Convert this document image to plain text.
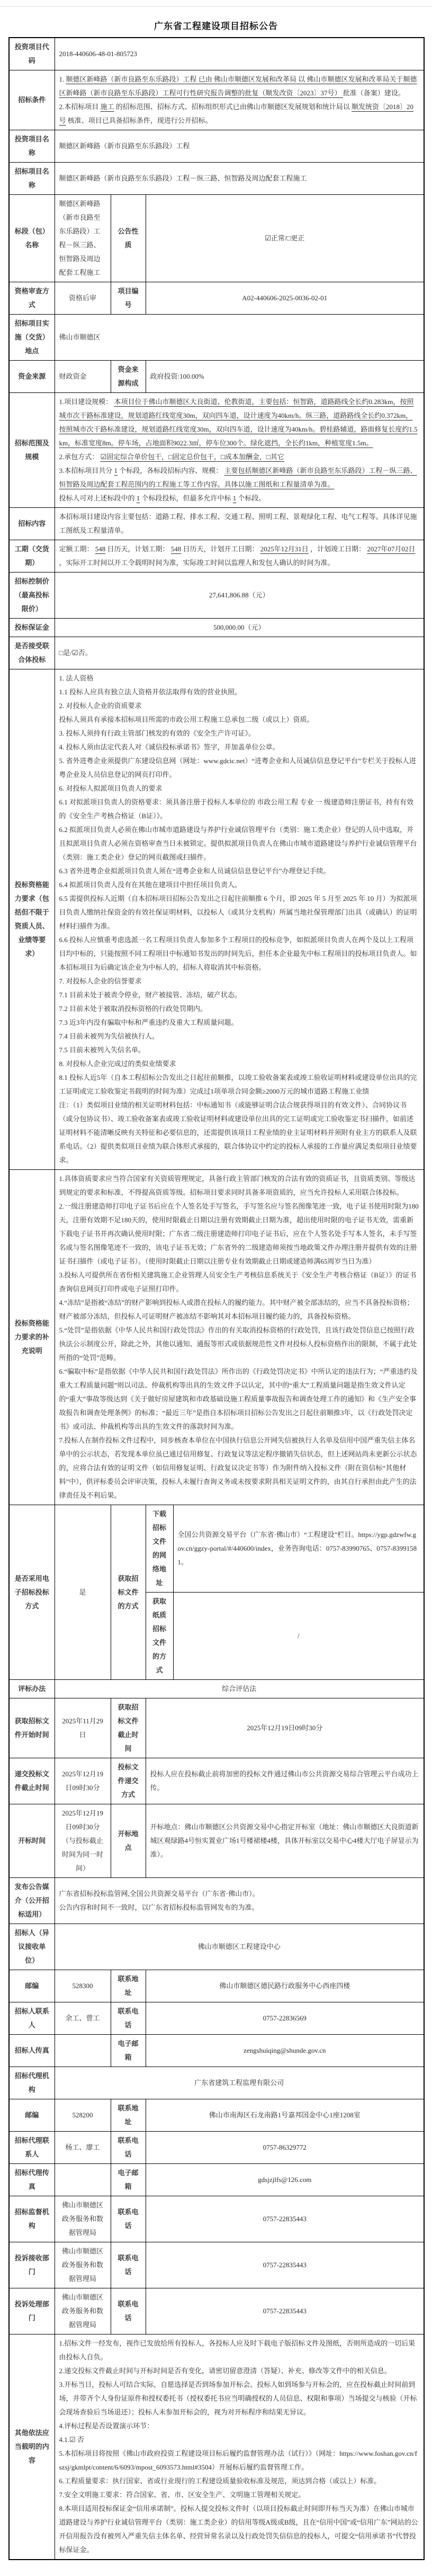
广东省工程建设项目招标公告
投资项目代码	2018-440606-48-01-805723			
招标条件	1. 顺德区新峰路（新市良路至东乐路段）工程 已由 佛山市顺德区发展和改革局 以 佛山市顺德区发展和改革局关于顺德区新峰路（新市良路至东乐路段）工程可行性研究报告调整的批复（顺发改资〔2023〕37号） 批准（备案）建设。
2.本招标项目 施工 的招标范围、招标方式、招标组织形式已由佛山市顺德区发展规划和统计局以 顺发统资〔2018〕20号 核准、项目已具备招标条件，现进行公开招标。			

投资项目名称	顺德区新峰路（新市良路至东乐路段）工程			
招标项目名称	顺德区新峰路（新市良路至东乐路段）工程－纵三路、恒智路及周边配套工程施工			
标段（包）名称	顺德区新峰路（新市良路至东乐路段）工程－纵三路、恒智路及周边配套工程施工	公告性质	☑正常/□更正	
资格审查方式	资格后审	项目编号	A02-440606-2025-0036-02-01	
招标项目实施（交货）地点	佛山市顺德区			
资金来源	财政资金	资金来源构成	政府投资:100.00%	
招标范围及规模	1.项目建设规模： 本项目位于佛山市顺德区大良街道、伦教街道，主要包括：恒智路，道路路线全长约0.283km，按照城市次干路标准建设，规划道路红线宽度30m，双向四车道，设计速度为40km/h。纵三路，道路路线全长约0.372km，按照城市次干路标准建设，规划道路红线宽度30m，双向四车道，设计速度为40km/h。碧桂路辅道，路面修复长度约1.5km，标准宽度8m。停车场，占地面积9022.3㎡，停车位300个。绿化遮挡，全长约1km，种植宽度1.5m。
2.承包方式： ☑固定综合单价包干，□固定总价包干，□成本加酬金，□其它
3.本招标项目共分 1 个标段，各标段招标内容、规模： 主要包括顺德区新峰路（新市良路至东乐路段）工程－纵三路、恒智路及周边配套工程范围内的工程施工等工作内容。具体以施工图纸和工程量清单为准。
投标人可对上述标段中的 1 个标段投标，但最多允许中标 1 个标段。			

招标内容	本招标项目建设内容主要包括：道路工程、排水工程、交通工程、照明工程、景观绿化工程、电气工程等。具体详见施工图纸及工程量清单。			

工期（交货期）	定额工期： 548 日历天，计划工期： 548 日历天，计划开工日期： 2025年12月31日 ，计划竣工日期： 2027年07月02日 ，实际开工时间以开工令载明时间为准，实际竣工时间以监理人和发包人确认的时间为准。			

招标控制价（最高投标限价）	27,641,806.88（元）			
投标保证金	500,000.00（元）			
是否接受联合体投标	□是/☑否。			
投标资格能力要求（包括但不限于资质人员、业绩等要求）	
1. 法人资格
1.1 投标人应具有独立法人资格并依法取得有效的营业执照。
2. 对投标人企业的资质要求
投标人须具有承接本招标项目所需的市政公用工程施工总承包二级（或以上）资质。
3. 投标人须持有行政主管部门核发的有效的《安全生产许可证》。
4. 投标人须由法定代表人对《诚信投标承诺书》签字，并加盖单位公章。
5. 省外进粤企业须提供广东建设信息网（网址：www.gdcic.net）“进粤企业和人员诚信信息登记平台”专栏关于投标人进粤企业及人员信息登记的网页打印件。
6. 对投标人拟派项目负责人的要求
6.1 对拟派项目负责人的资格要求：须具备注册于投标人本单位的 市政公用工程 专业 一 级建造师注册证书，持有有效的《安全生产考核合格证（B证）》。
6.2 拟派项目负责人必须在佛山市城市道路建设与养护行业诚信管理平台（类别：施工类企业）登记的人员中选取，并且拟派项目负责人必须在资格审查当日未被锁定。提供拟派项目负责人在佛山市城市道路建设与养护行业诚信管理平台（类别：施工类企业）登记的网页截图或扫描件。
6.3 省外进粤企业拟派项目负责人须在“进粤企业和人员诚信信息登记平台”办理登记手续。
6.4 拟派项目负责人没有在其他在建项目中担任项目负责人。
6.5 需提供投标人近期（自本招标项目招标公告发出之日起往前顺推 6 个月，即 2025 年 5 月至 2025 年 10 月）为拟派项目负责人缴纳社保资金的有效社保证明材料，以投标人（或其分支机构）所属当地社保管理部门出具（或确认）的证明材料扫描件为准。
6.6 投标人应慎重考虑选派一名工程项目负责人参加多个工程项目的投标竞争，如拟派项目负责人在两个及以上工程项目均中标的，只能按照不同工程项目中标通知书发出的时间先后，担任本企业最先中标工程项目的投标项目负责人。如本招标项目为后确定该企业为中标人的，招标人将取消其中标资格。
7. 对投标人企业的信誉要求
7.1 目前未处于被责令停业，财产被接管、冻结，破产状态。
7.2 目前未处于被取消投标资格的行政处罚期内。
7.3 近3年内没有骗取中标和严重违约及重大工程质量问题。
7.4 目前未被列为失信被执行人。
7.5 目前未被列入失信名单。
8. 对投标人企业完成过的类似业绩要求
8.1 投标人近5年（自本工程招标公告发出之日起往前顺推，以竣工验收备案表或竣工验收证明材料或建设单位出具的完工证明或完工验收鉴定书载明的时间为准）完成过1项单项合同金额≥2000万元的城市道路工程施工业绩
注：（1）类似项目业绩的相关证明材料包括：中标通知书（或能够证明合法合规获得项目的有效文件）、合同协议书（或分包协议书）、竣工验收备案表或竣工验收证明材料或建设单位出具的完工证明或完工验收鉴定书扫描件，如前述证明材料不能清晰反映有关特征和必要信息的，还需提供该项目工程业绩的业主证明材料并须附有业主方的联系人及联系电话。（2）提供类似项目业绩为联合体形式承接的，联合体协议中约定的投标人承接的工作量应满足类似项目业绩要求。

投标资格能力要求的补充说明	
1.具体资质要求应当符合国家有关资质管理规定，具备行政主管部门核发的合法有效的资质证书，且资质类别、等级达到规定的要求和标准，不得提高资质等级。招标项目要求同时具备多项资质的，应当允许投标人采用联合体投标。
2.一级注册建造师打印电子证书后应在个人签名处手写签名，手写签名应与签名图像笔迹一致，电子证书使用时限为180天，注册有效期不足180天的，使用时限截止日期以注册有效期截止日期为准，超出使用时限的电子证书无效，需重新下载电子证书并再次确认使用时限；广东省二级注册建造师打印电子证书后，应在个人签名处手写本人签名，未手写签名或与签名图像笔迹不一致的，该电子证书无效；广东省外的二级建造师须按当地政策文件办理注册并提供有效的注册证书扫描件（或电子证书）。（使用时限截止日期以注册专业有效期截止日期或建造师满65周岁当日为准）
3.投标人可提供所在省份相关建筑施工企业管理人员安全生产考核信息系统关于《安全生产考核合格证（B证）》的证书查询信息网页打印件或电子证照打印件。
4.“冻结”是指被“冻结”的财产影响到投标人或潜在投标人的履约能力。其中财产被全部冻结的，应当不具备投标资格；财产被部分冻结，但投标人可证明财产被冻结不影响其对本招标项目履约能力的，具备投标资格。
5.“处罚”是指依据《中华人民共和国行政处罚法》作出的有关取消投标资格的行政处罚，且该行政处罚信息已按照行政执法公示制度公开，除此之外，其他以通知、通报等形式或依据规范性文件对投标人投标资格作出的限制，不属于此处所指的“处罚”范畴。
6.“骗取中标”是指依据《中华人民共和国行政处罚法》所作出的《行政处罚决定书》中所认定的违法行为；“严重违约及重大工程质量问题”则以司法、仲裁机构等出具的生效文件予以认定，其中的“重大”工程质量问题是指生效文件认定的“重大”事故等级达到《关于做好房屋建筑和市政基础设施工程质量事故报告和调查处理工作的通知》和《生产安全事故报告和调查处理条例》的标准；“最近三年”是指自本招标项目招标公告发出之日起往前顺推3年，以《行政处罚决定书》或司法、仲裁机构等出具的生效文件的落款时间为准。
7.投标人在制作投标文件过程中，同步核查本单位在中国执行信息公开网失信被执行人名单及信用中国严重失信主体名单中的公示状态，若发现本单位虽已通过信用修复、行政复议等法定程序撤销失信状态，但上述网站尚未更新公示状态的，应将合法有效的证明文件（如信用修复证明、行政复议决定书等）作为附件纳入投标文件（附在资信标“其他材料”中），供评标委员会评审决策，投标人未履行查询义务或未按要求附具相关证明文件的，由其自行承担由此产生的法律责任及不利后果。

是否采用电子招标投标方式	是	获取招标文件的方式	下载招标文件的网络地址	全国公共资源交易平台（广东省·佛山市）“工程建设”栏目。https://ygp.gdzwfw.gov.cn/ggzy-portal/#/440600/index，业务咨询电话：0757-83990765、0757-83991581。
			获取纸质招标文件的方式	/
评标办法	综合评估法			
获取招标文件开始时间	2025年11月29日	获取招标文件截止时间	2025年12月19日09时30分	
递交投标文件截止时间	2025年12月19日09时30分	投标文件递交方式	投标人应在投标截止前将加密的投标文件通过佛山市公共资源交易综合管理云平台成功上传。	
开标时间	2025年12月19日09时30分（与投标截止时间为同一时间）	开标地点	开标地点：佛山市顺德区公共资源交易中心指定开标室（地址：佛山市顺德区大良街道新城区观绿路4号恒实置业广场1号楼裙楼4楼，具体开标室以交易中心4楼大厅电子屏显示为准）。	
发布公告媒介（公开招标适用）	广东省招标投标监管网,全国公共资源交易平台（广东省·佛山市）。
公告内容和时间不一致时，以广东省招标投标监管网发布的为准。			

招标人（异议接收单位）	佛山市顺德区工程建设中心			
邮编	528300	联系地址	佛山市顺德区德民路行政服务中心西座四楼	
招标人联系人	余工、曾工	联系电话	0757-22836569	
招标人传真		电子邮箱	zengshuiqing@shunde.gov.cn	
招标代理机构	广东省建筑工程监理有限公司			
邮编	528200	联系地址	佛山市南海区石龙南路1号嘉邦国金中心1座1208室	
招标代理联系人	杨工、廖工	联系电话	0757-86329772	
招标代理传真		电子邮箱	gdsjzjlfs@126.com	
招标监督机构	佛山市顺德区政务服务和数据管理局	联系电话	0757-22835443	
投诉接收部门	佛山市顺德区政务服务和数据管理局	联系电话	0757-22835443	
投诉处理部门	佛山市顺德区政务服务和数据管理局	联系电话	0757-22835443	
其他依法应当载明的内容	
1.招标文件一经发布，视作已发放给所有投标人，各投标人应及时下载电子版招标文件及图纸，否则所造成的一切后果由投标人自负。
2.递交投标文件截止时间与开标时间是否有变化，请密切留意澄清（答疑）、补充、修改等文件中的相关信息。
3.开标当日，投标人可结合实际，自愿选择是否到场参加开标会。投标人如到场参与开标会的，应在投标截止时间前到场，并带齐个人身份证原件和授权委托书（授权委托书应当明确授权的人员信息、权限和事项）当场提交与核验（开标会现场查验后当场退还）；投标人未参加开标会的，视为对开标程序和结果无异议。
4.评标过程是否设置演示环节：
4.1.☑ 否
5.本招标项目将按照《佛山市政府投资工程建设项目标后履约监督管理办法（试行）》（网址：https://www.foshan.gov.cn/fszsj/gkmlpt/content/6/6093/mpost_6093573.html#3504）开展标后履约监督管理工作。
6.工程质量要求：执行国家、省或行业现行的工程建设质量验收标准及规范，须达到合格（或以上）标准。
7.安全文明施工要求：符合国家、省、市、区安全生产、文明施工管理相关规定。
8.本项目适用投标保证金“信用承诺制”。投标人提交投标文件时（以项目投标截止时间即开标当天为准）在佛山市城市道路建设与养护行业诚信管理平台（类别：施工类企业）的信用等级A级或B级，且在“信用中国”或“信用广东”网站的公开信用报告没有被列入严重失信主体名单、经营异常名录以及行政处罚失信信息的投标人，可提交“信用承诺书”代替投标保证金。
